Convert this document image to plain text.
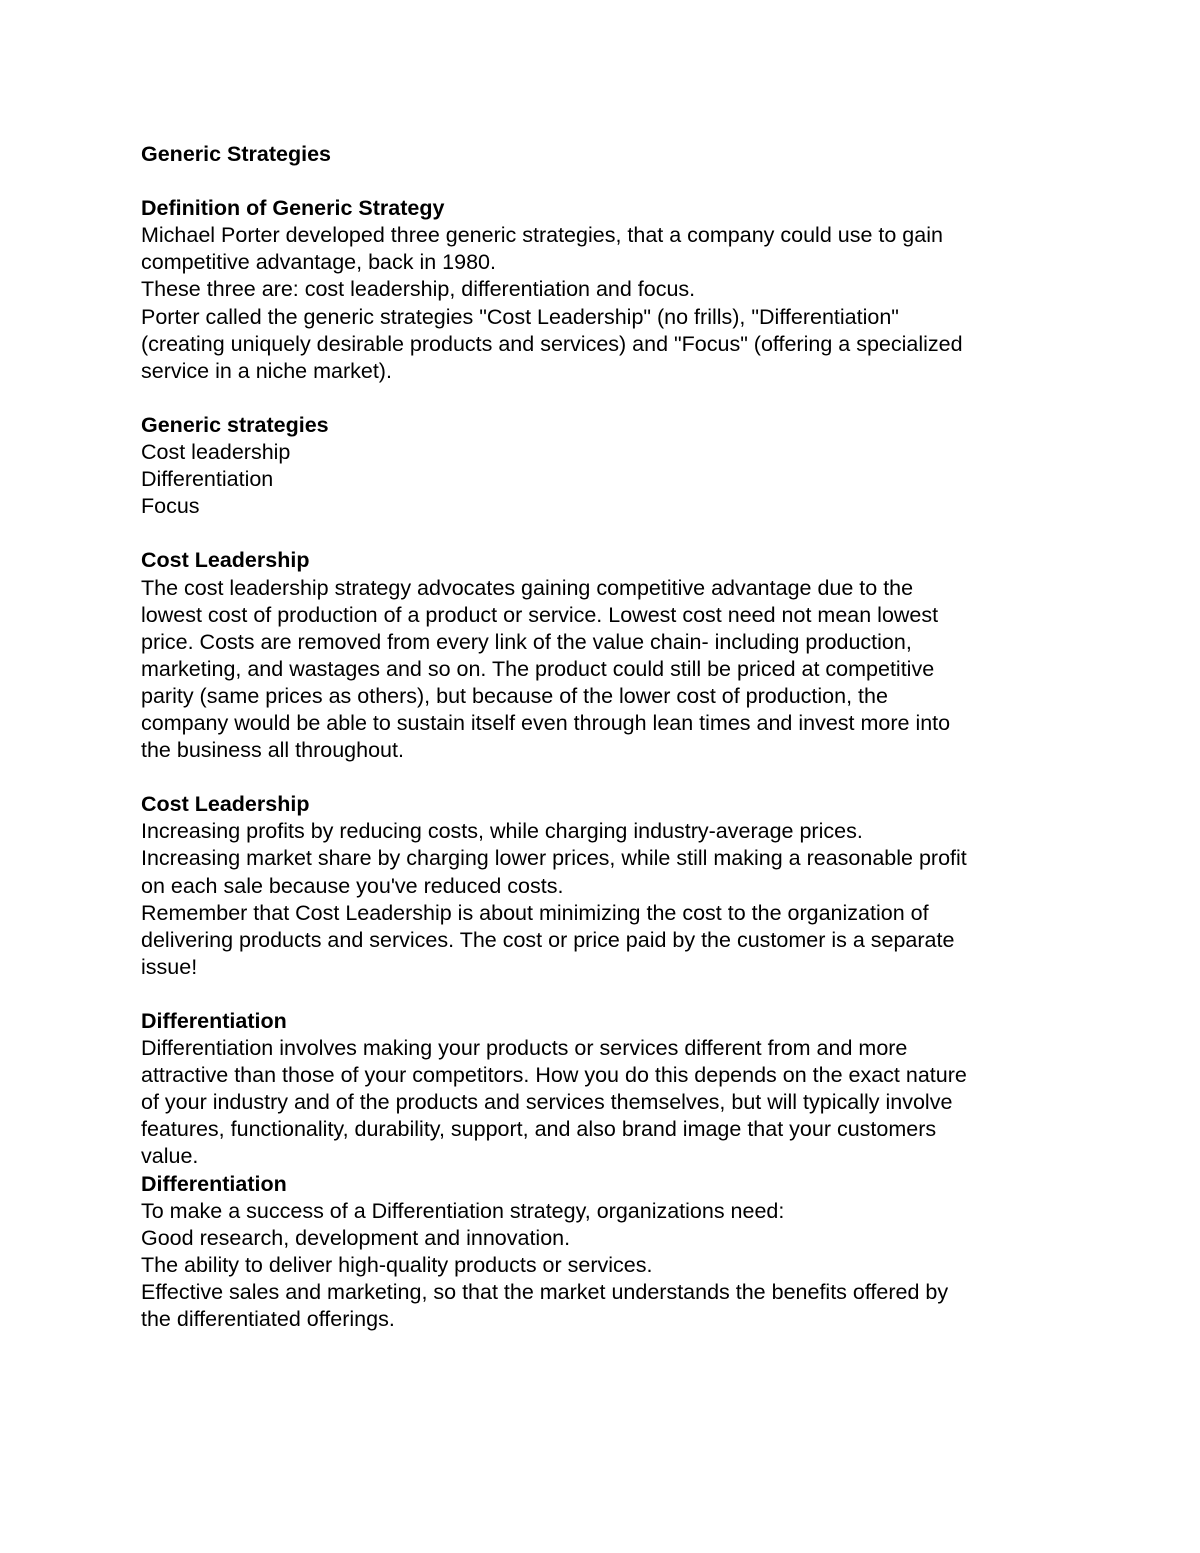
Generic Strategies
Definition of Generic Strategy
Michael Porter developed three generic strategies, that a company could use to gain
competitive advantage, back in 1980.
These three are: cost leadership, differentiation and focus.
Porter called the generic strategies "Cost Leadership" (no frills), "Differentiation"
(creating uniquely desirable products and services) and "Focus" (offering a specialized
service in a niche market).
Generic strategies
Cost leadership
Differentiation
Focus
Cost Leadership
The cost leadership strategy advocates gaining competitive advantage due to the
lowest cost of production of a product or service. Lowest cost need not mean lowest
price. Costs are removed from every link of the value chain- including production,
marketing, and wastages and so on. The product could still be priced at competitive
parity (same prices as others), but because of the lower cost of production, the
company would be able to sustain itself even through lean times and invest more into
the business all throughout.
Cost Leadership
Increasing profits by reducing costs, while charging industry-average prices.
Increasing market share by charging lower prices, while still making a reasonable profit
on each sale because you've reduced costs.
Remember that Cost Leadership is about minimizing the cost to the organization of
delivering products and services. The cost or price paid by the customer is a separate
issue!
Differentiation
Differentiation involves making your products or services different from and more
attractive than those of your competitors. How you do this depends on the exact nature
of your industry and of the products and services themselves, but will typically involve
features, functionality, durability, support, and also brand image that your customers
value.
Differentiation
To make a success of a Differentiation strategy, organizations need:
Good research, development and innovation.
The ability to deliver high-quality products or services.
Effective sales and marketing, so that the market understands the benefits offered by
the differentiated offerings.
